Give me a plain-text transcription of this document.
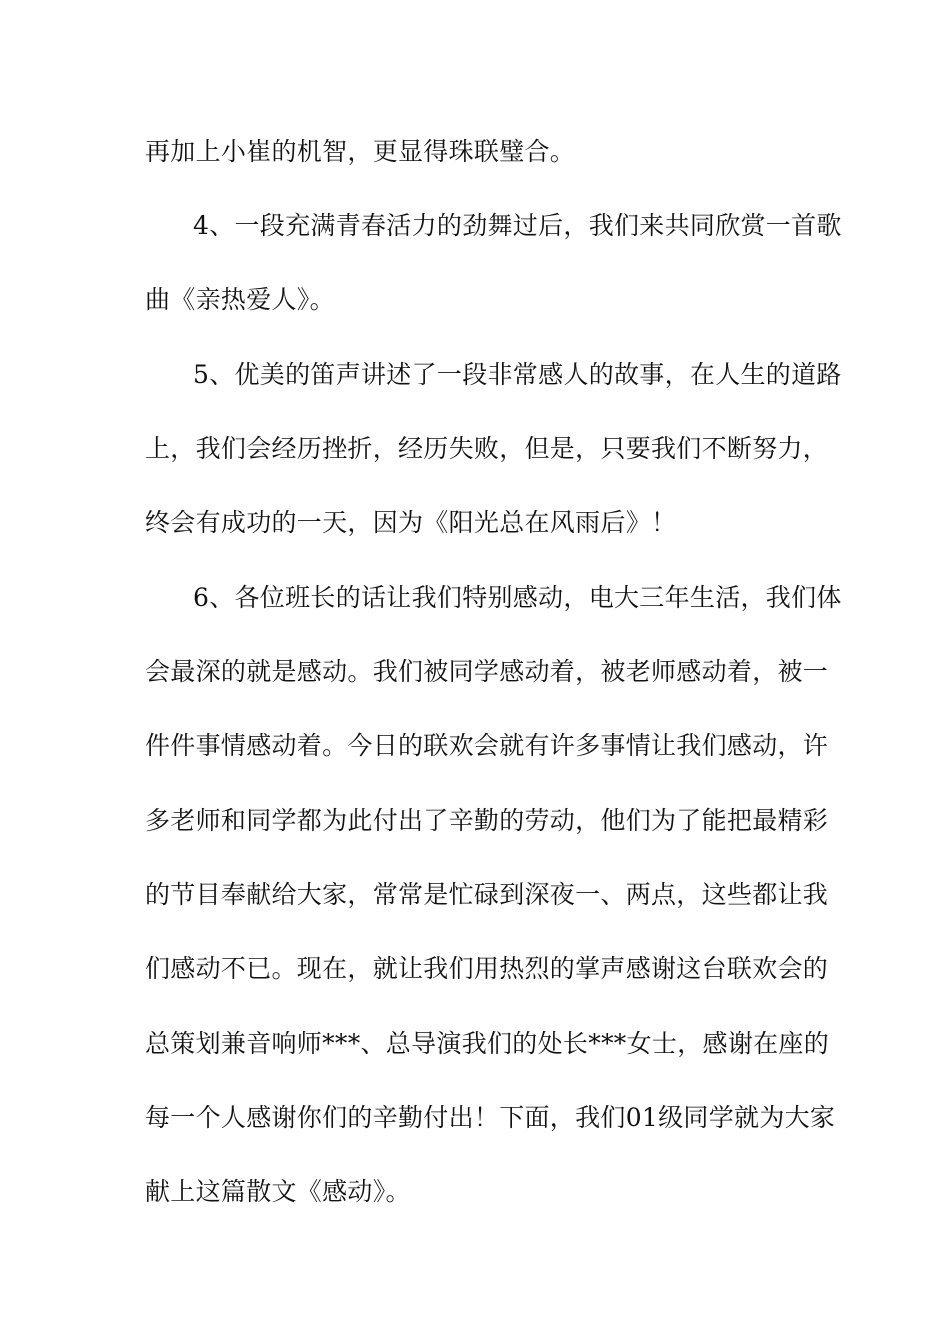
再加上小崔的机智，更显得珠联璧合。
4、一段充满青春活力的劲舞过后，我们来共同欣赏一首歌
曲《亲热爱人》。
5、优美的笛声讲述了一段非常感人的故事，在人生的道路
上，我们会经历挫折，经历失败，但是，只要我们不断努力，
终会有成功的一天，因为《阳光总在风雨后》！
6、各位班长的话让我们特别感动，电大三年生活，我们体
会最深的就是感动。我们被同学感动着，被老师感动着，被一
件件事情感动着。今日的联欢会就有许多事情让我们感动，许
多老师和同学都为此付出了辛勤的劳动，他们为了能把最精彩
的节目奉献给大家，常常是忙碌到深夜一、两点，这些都让我
们感动不已。现在，就让我们用热烈的掌声感谢这台联欢会的
总策划兼音响师***、总导演我们的处长***女士，感谢在座的
每一个人感谢你们的辛勤付出！下面，我们01级同学就为大家
献上这篇散文《感动》。
